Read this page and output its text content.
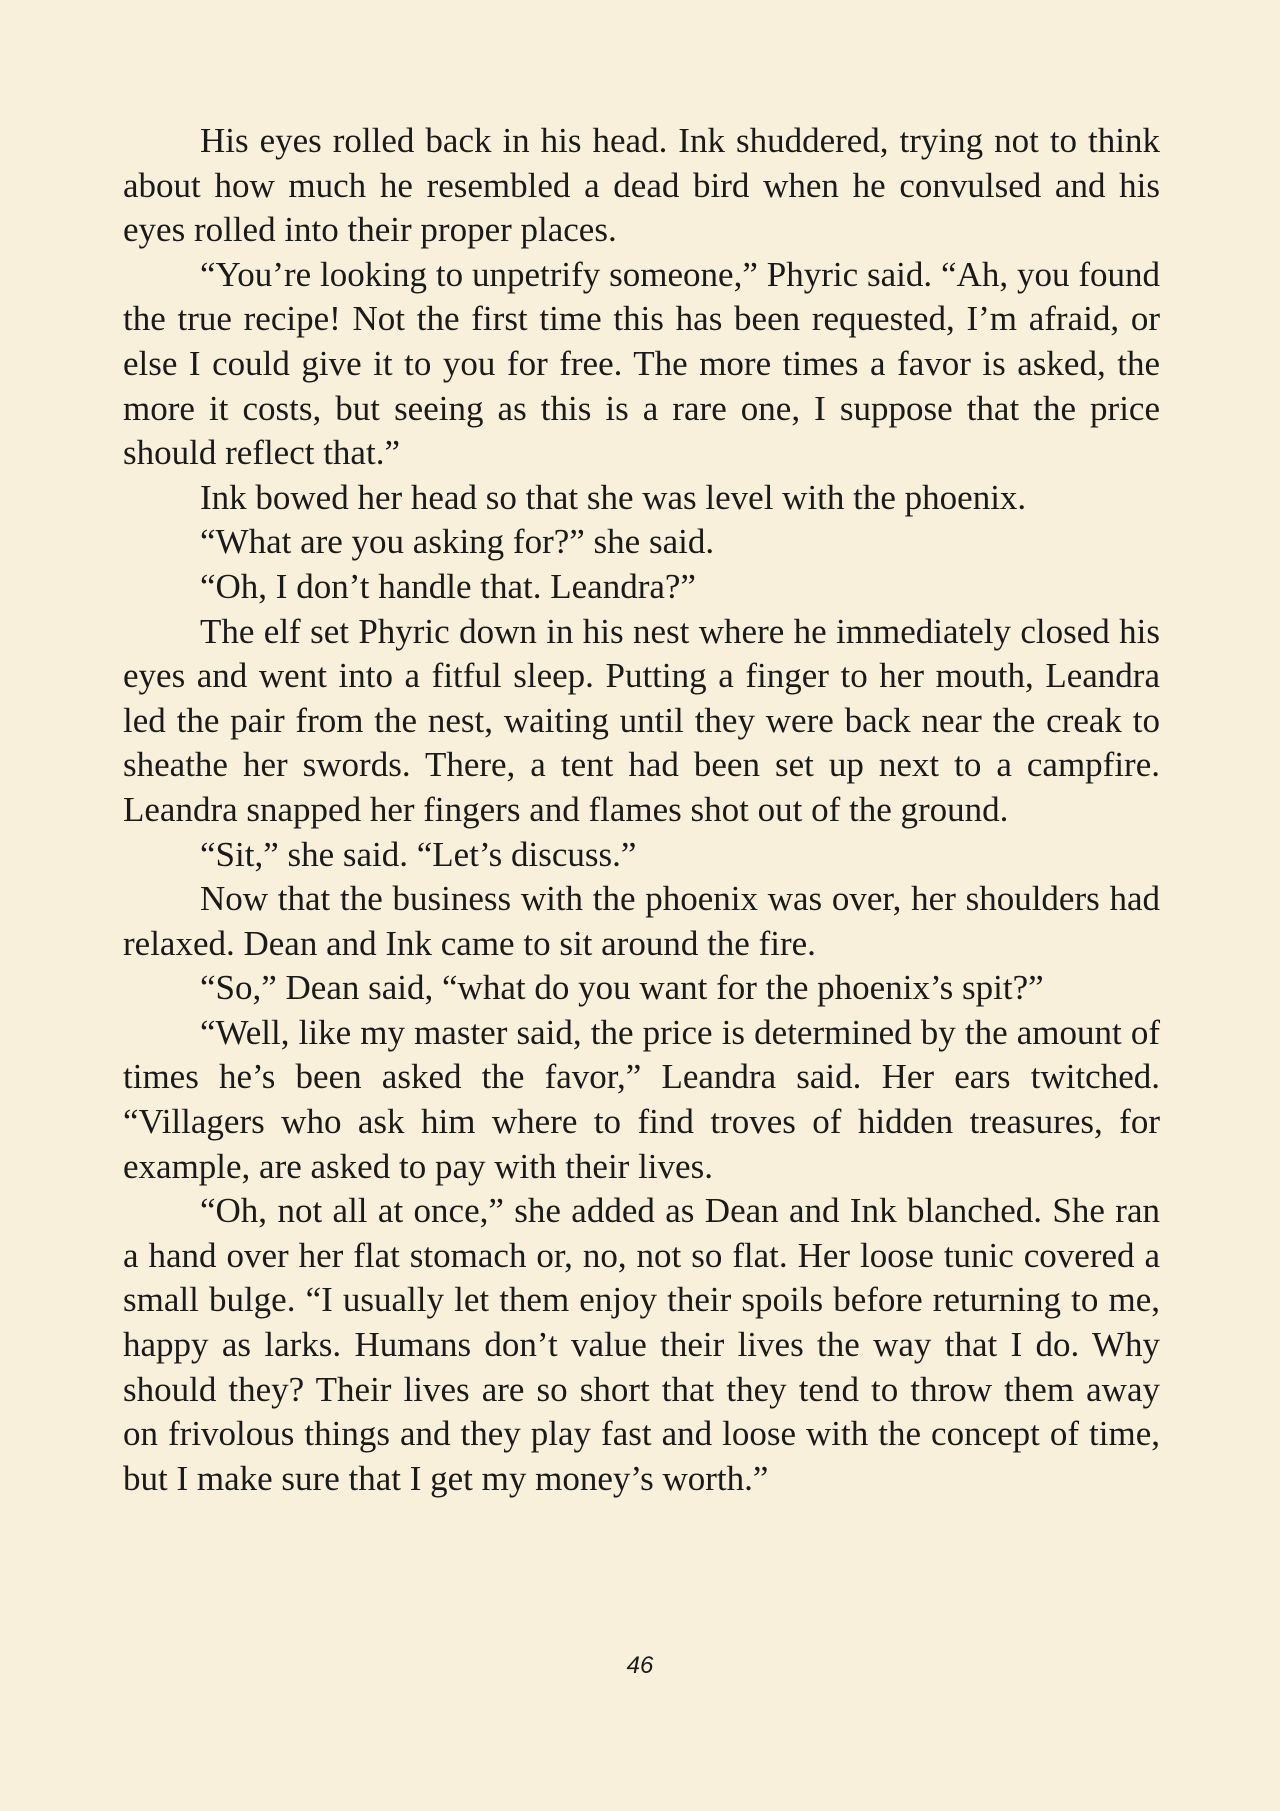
His eyes rolled back in his head. Ink shuddered, trying not to think about how much he resembled a dead bird when he convulsed and his eyes rolled into their proper places.

“You’re looking to unpetrify someone,” Phyric said. “Ah, you found the true recipe! Not the first time this has been requested, I’m afraid, or else I could give it to you for free. The more times a favor is asked, the more it costs, but seeing as this is a rare one, I suppose that the price should reflect that.”

Ink bowed her head so that she was level with the phoenix.

“What are you asking for?” she said.

“Oh, I don’t handle that. Leandra?”

The elf set Phyric down in his nest where he immediately closed his eyes and went into a fitful sleep. Putting a finger to her mouth, Leandra led the pair from the nest, waiting until they were back near the creak to sheathe her swords. There, a tent had been set up next to a campfire. Leandra snapped her fingers and flames shot out of the ground.

“Sit,” she said. “Let’s discuss.”

Now that the business with the phoenix was over, her shoulders had relaxed. Dean and Ink came to sit around the fire.

“So,” Dean said, “what do you want for the phoenix’s spit?”

“Well, like my master said, the price is determined by the amount of times he’s been asked the favor,” Leandra said. Her ears twitched. “Villagers who ask him where to find troves of hidden treasures, for example, are asked to pay with their lives.

“Oh, not all at once,” she added as Dean and Ink blanched. She ran a hand over her flat stomach or, no, not so flat. Her loose tunic covered a small bulge. “I usually let them enjoy their spoils before returning to me, happy as larks. Humans don’t value their lives the way that I do. Why should they? Their lives are so short that they tend to throw them away on frivolous things and they play fast and loose with the concept of time, but I make sure that I get my money’s worth.”

46
